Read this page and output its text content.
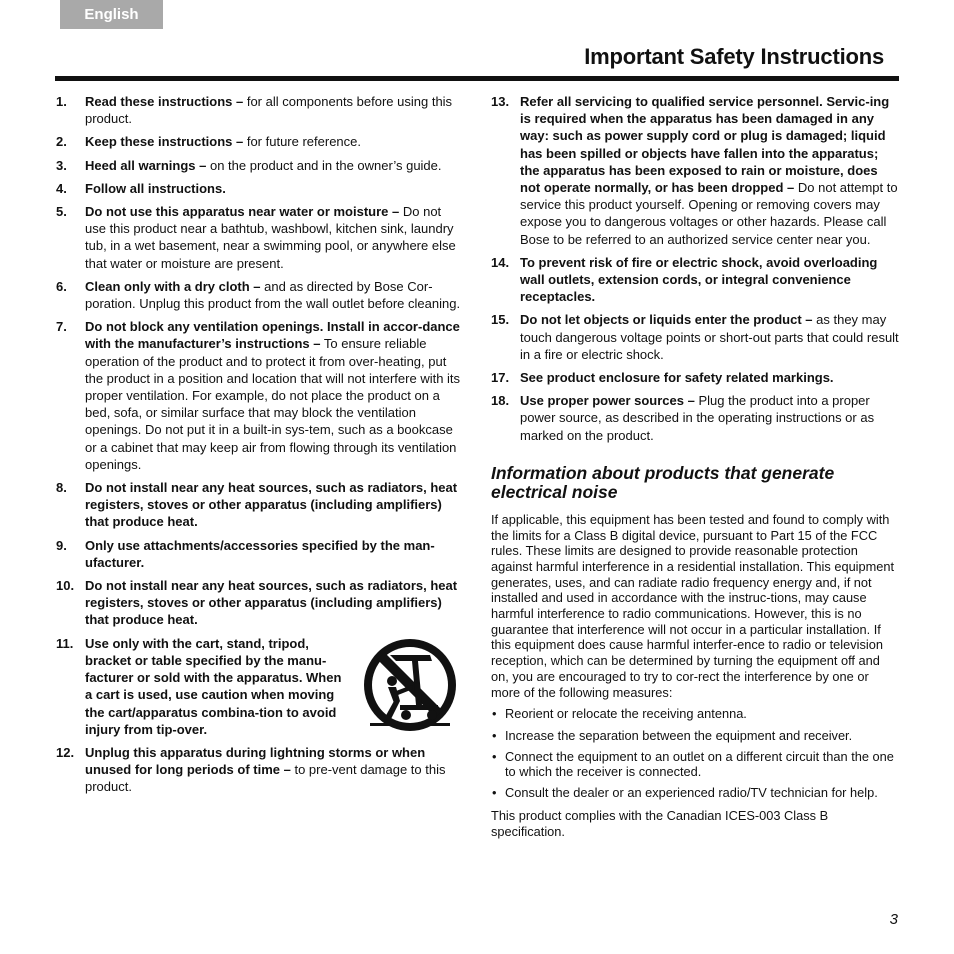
English
Important Safety Instructions
1. Read these instructions – for all components before using this product.
2. Keep these instructions – for future reference.
3. Heed all warnings – on the product and in the owner’s guide.
4. Follow all instructions.
5. Do not use this apparatus near water or moisture – Do not use this product near a bathtub, washbowl, kitchen sink, laundry tub, in a wet basement, near a swimming pool, or anywhere else that water or moisture are present.
6. Clean only with a dry cloth – and as directed by Bose Cor-poration. Unplug this product from the wall outlet before cleaning.
7. Do not block any ventilation openings. Install in accor-dance with the manufacturer’s instructions – To ensure reliable operation of the product and to protect it from over-heating, put the product in a position and location that will not interfere with its proper ventilation. For example, do not place the product on a bed, sofa, or similar surface that may block the ventilation openings. Do not put it in a built-in sys-tem, such as a bookcase or a cabinet that may keep air from flowing through its ventilation openings.
8. Do not install near any heat sources, such as radiators, heat registers, stoves or other apparatus (including amplifiers) that produce heat.
9. Only use attachments/accessories specified by the man-ufacturer.
10. Do not install near any heat sources, such as radiators, heat registers, stoves or other apparatus (including amplifiers) that produce heat.
11. Use only with the cart, stand, tripod, bracket or table specified by the manu-facturer or sold with the apparatus. When a cart is used, use caution when moving the cart/apparatus combina-tion to avoid injury from tip-over.
12. Unplug this apparatus during lightning storms or when unused for long periods of time – to pre-vent damage to this product.
13. Refer all servicing to qualified service personnel. Servic-ing is required when the apparatus has been damaged in any way: such as power supply cord or plug is damaged; liquid has been spilled or objects have fallen into the apparatus; the apparatus has been exposed to rain or moisture, does not operate normally, or has been dropped – Do not attempt to service this product yourself. Opening or removing covers may expose you to dangerous voltages or other hazards. Please call Bose to be referred to an authorized service center near you.
14. To prevent risk of fire or electric shock, avoid overloading wall outlets, extension cords, or integral convenience receptacles.
15. Do not let objects or liquids enter the product – as they may touch dangerous voltage points or short-out parts that could result in a fire or electric shock.
17. See product enclosure for safety related markings.
18. Use proper power sources – Plug the product into a proper power source, as described in the operating instructions or as marked on the product.
Information about products that generate electrical noise

If applicable, this equipment has been tested and found to comply with the limits for a Class B digital device, pursuant to Part 15 of the FCC rules. These limits are designed to provide reasonable protection against harmful interference in a residential installation. This equipment generates, uses, and can radiate radio frequency energy and, if not installed and used in accordance with the instruc-tions, may cause harmful interference to radio communications. However, this is no guarantee that interference will not occur in a particular installation. If this equipment does cause harmful interfer-ence to radio or television reception, which can be determined by turning the equipment off and on, you are encouraged to try to cor-rect the interference by one or more of the following measures:

• Reorient or relocate the receiving antenna.
• Increase the separation between the equipment and receiver.
• Connect the equipment to an outlet on a different circuit than the one to which the receiver is connected.
• Consult the dealer or an experienced radio/TV technician for help.

This product complies with the Canadian ICES-003 Class B specification.

3
